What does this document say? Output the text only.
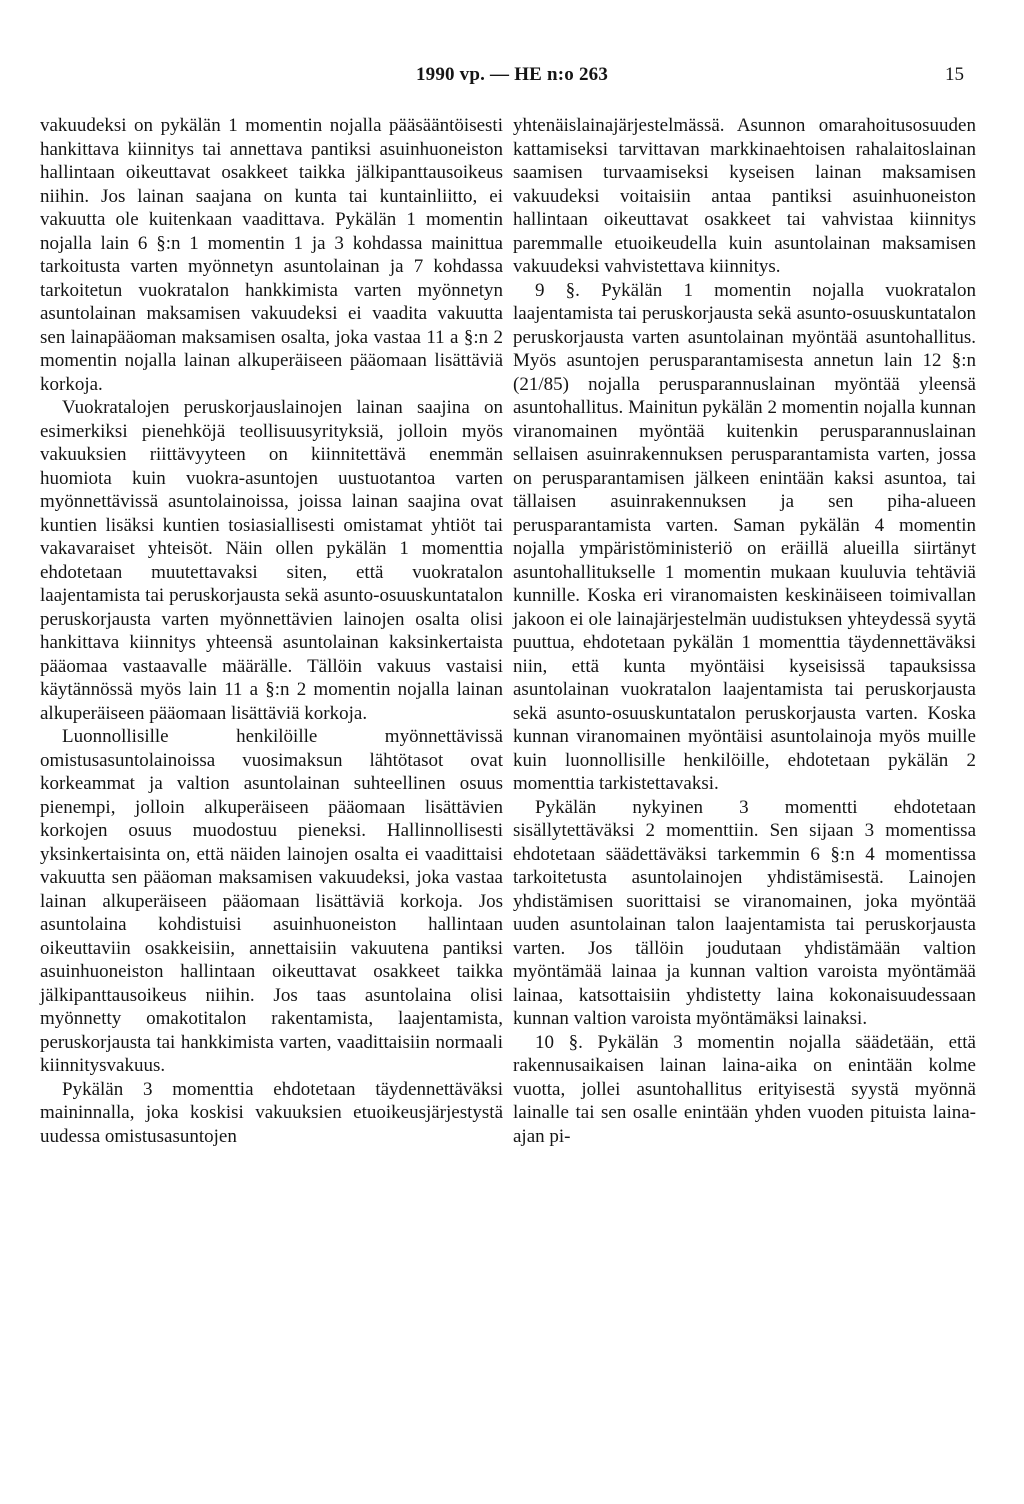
1990 vp. — HE n:o 263	15

vakuudeksi on pykälän 1 momentin nojalla pääsääntöisesti hankittava kiinnitys tai annettava pantiksi asuinhuoneiston hallintaan oikeuttavat osakkeet taikka jälkipanttausoikeus niihin. Jos lainan saajana on kunta tai kuntainliitto, ei vakuutta ole kuitenkaan vaadittava. Pykälän 1 momentin nojalla lain 6 §:n 1 momentin 1 ja 3 kohdassa mainittua tarkoitusta varten myönnetyn asuntolainan ja 7 kohdassa tarkoitetun vuokratalon hankkimista varten myönnetyn asuntolainan maksamisen vakuudeksi ei vaadita vakuutta sen lainapääoman maksamisen osalta, joka vastaa 11 a §:n 2 momentin nojalla lainan alkuperäiseen pääomaan lisättäviä korkoja.

Vuokratalojen peruskorjauslainojen lainan saajina on esimerkiksi pienehköjä teollisuusyrityksiä, jolloin myös vakuuksien riittävyyteen on kiinnitettävä enemmän huomiota kuin vuokra-asuntojen uustuotantoa varten myönnettävissä asuntolainoissa, joissa lainan saajina ovat kuntien lisäksi kuntien tosiasiallisesti omistamat yhtiöt tai vakavaraiset yhteisöt. Näin ollen pykälän 1 momenttia ehdotetaan muutettavaksi siten, että vuokratalon laajentamista tai peruskorjausta sekä asunto-osuuskuntatalon peruskorjausta varten myönnettävien lainojen osalta olisi hankittava kiinnitys yhteensä asuntolainan kaksinkertaista pääomaa vastaavalle määrälle. Tällöin vakuus vastaisi käytännössä myös lain 11 a §:n 2 momentin nojalla lainan alkuperäiseen pääomaan lisättäviä korkoja.

Luonnollisille henkilöille myönnettävissä omistusasuntolainoissa vuosimaksun lähtötasot ovat korkeammat ja valtion asuntolainan suhteellinen osuus pienempi, jolloin alkuperäiseen pääomaan lisättävien korkojen osuus muodostuu pieneksi. Hallinnollisesti yksinkertaisinta on, että näiden lainojen osalta ei vaadittaisi vakuutta sen pääoman maksamisen vakuudeksi, joka vastaa lainan alkuperäiseen pääomaan lisättäviä korkoja. Jos asuntolaina kohdistuisi asuinhuoneiston hallintaan oikeuttaviin osakkeisiin, annettaisiin vakuutena pantiksi asuinhuoneiston hallintaan oikeuttavat osakkeet taikka jälkipanttausoikeus niihin. Jos taas asuntolaina olisi myönnetty omakotitalon rakentamista, laajentamista, peruskorjausta tai hankkimista varten, vaadittaisiin normaali kiinnitysvakuus.

Pykälän 3 momenttia ehdotetaan täydennettäväksi maininnalla, joka koskisi vakuuksien etuoikeusjärjestystä uudessa omistusasuntojen

yhtenäislainajärjestelmässä. Asunnon omarahoitusosuuden kattamiseksi tarvittavan markkinaehtoisen rahalaitoslainan saamisen turvaamiseksi kyseisen lainan maksamisen vakuudeksi voitaisiin antaa pantiksi asuinhuoneiston hallintaan oikeuttavat osakkeet tai vahvistaa kiinnitys paremmalle etuoikeudella kuin asuntolainan maksamisen vakuudeksi vahvistettava kiinnitys.

9 §. Pykälän 1 momentin nojalla vuokratalon laajentamista tai peruskorjausta sekä asunto-osuuskuntatalon peruskorjausta varten asuntolainan myöntää asuntohallitus. Myös asuntojen perusparantamisesta annetun lain 12 §:n (21/85) nojalla perusparannuslainan myöntää yleensä asuntohallitus. Mainitun pykälän 2 momentin nojalla kunnan viranomainen myöntää kuitenkin perusparannuslainan sellaisen asuinrakennuksen perusparantamista varten, jossa on perusparantamisen jälkeen enintään kaksi asuntoa, tai tällaisen asuinrakennuksen ja sen piha-alueen perusparantamista varten. Saman pykälän 4 momentin nojalla ympäristöministeriö on eräillä alueilla siirtänyt asuntohallitukselle 1 momentin mukaan kuuluvia tehtäviä kunnille. Koska eri viranomaisten keskinäiseen toimivallan jakoon ei ole lainajärjestelmän uudistuksen yhteydessä syytä puuttua, ehdotetaan pykälän 1 momenttia täydennettäväksi niin, että kunta myöntäisi kyseisissä tapauksissa asuntolainan vuokratalon laajentamista tai peruskorjausta sekä asunto-osuuskuntatalon peruskorjausta varten. Koska kunnan viranomainen myöntäisi asuntolainoja myös muille kuin luonnollisille henkilöille, ehdotetaan pykälän 2 momenttia tarkistettavaksi.

Pykälän nykyinen 3 momentti ehdotetaan sisällytettäväksi 2 momenttiin. Sen sijaan 3 momentissa ehdotetaan säädettäväksi tarkemmin 6 §:n 4 momentissa tarkoitetusta asuntolainojen yhdistämisestä. Lainojen yhdistämisen suorittaisi se viranomainen, joka myöntää uuden asuntolainan talon laajentamista tai peruskorjausta varten. Jos tällöin joudutaan yhdistämään valtion myöntämää lainaa ja kunnan valtion varoista myöntämää lainaa, katsottaisiin yhdistetty laina kokonaisuudessaan kunnan valtion varoista myöntämäksi lainaksi.

10 §. Pykälän 3 momentin nojalla säädetään, että rakennusaikaisen lainan laina-aika on enintään kolme vuotta, jollei asuntohallitus erityisestä syystä myönnä lainalle tai sen osalle enintään yhden vuoden pituista laina-ajan pi-
